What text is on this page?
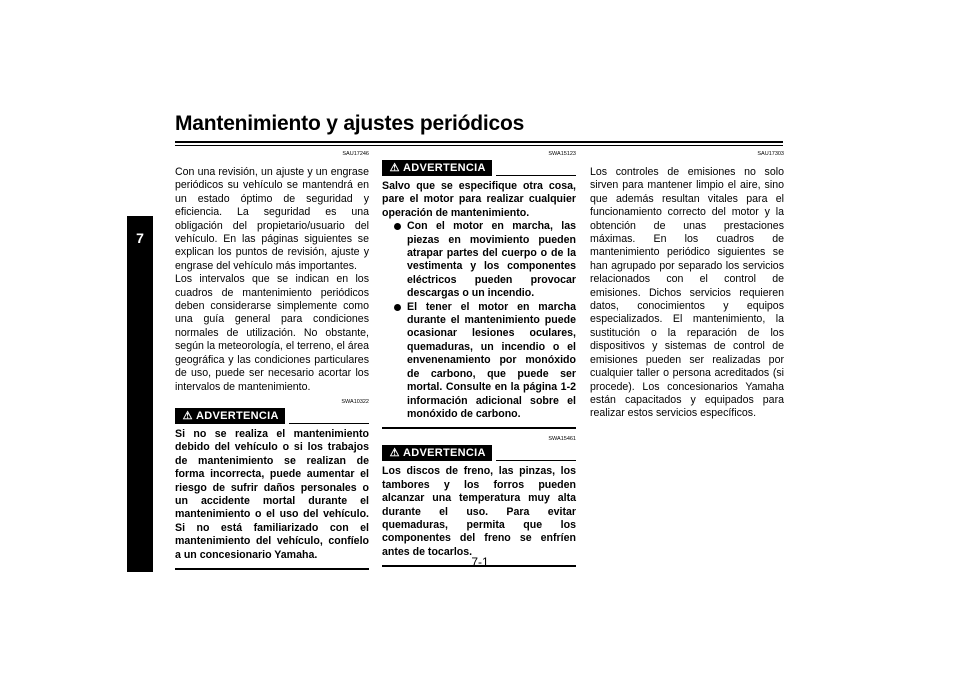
Mantenimiento y ajustes periódicos
7
SAU17246

Con una revisión, un ajuste y un engrase periódicos su vehículo se mantendrá en un estado óptimo de seguridad y eficiencia. La seguridad es una obligación del propietario/usuario del vehículo. En las páginas siguientes se explican los puntos de revisión, ajuste y engrase del vehículo más importantes.

Los intervalos que se indican en los cuadros de mantenimiento periódicos deben considerarse simplemente como una guía general para condiciones normales de utilización. No obstante, según la meteorología, el terreno, el área geográfica y las condiciones particulares de uso, puede ser necesario acortar los intervalos de mantenimiento.

SWA10322
⚠ ADVERTENCIA

Si no se realiza el mantenimiento debido del vehículo o si los trabajos de mantenimiento se realizan de forma incorrecta, puede aumentar el riesgo de sufrir daños personales o un accidente mortal durante el mantenimiento o el uso del vehículo. Si no está familiarizado con el mantenimiento del vehículo, confíelo a un concesionario Yamaha.

SWA15123
⚠ ADVERTENCIA

Salvo que se especifique otra cosa, pare el motor para realizar cualquier operación de mantenimiento.

Con el motor en marcha, las piezas en movimiento pueden atrapar partes del cuerpo o de la vestimenta y los componentes eléctricos pueden provocar descargas o un incendio.
El tener el motor en marcha durante el mantenimiento puede ocasionar lesiones oculares, quemaduras, un incendio o el envenenamiento por monóxido de carbono, que puede ser mortal. Consulte en la página 1-2 información adicional sobre el monóxido de carbono.
SWA15461
⚠ ADVERTENCIA

Los discos de freno, las pinzas, los tambores y los forros pueden alcanzar una temperatura muy alta durante el uso. Para evitar quemaduras, permita que los componentes del freno se enfríen antes de tocarlos.

SAU17303

Los controles de emisiones no solo sirven para mantener limpio el aire, sino que además resultan vitales para el funcionamiento correcto del motor y la obtención de unas prestaciones máximas. En los cuadros de mantenimiento periódico siguientes se han agrupado por separado los servicios relacionados con el control de emisiones. Dichos servicios requieren datos, conocimientos y equipos especializados. El mantenimiento, la sustitución o la reparación de los dispositivos y sistemas de control de emisiones pueden ser realizadas por cualquier taller o persona acreditados (si procede). Los concesionarios Yamaha están capacitados y equipados para realizar estos servicios específicos.

7-1
